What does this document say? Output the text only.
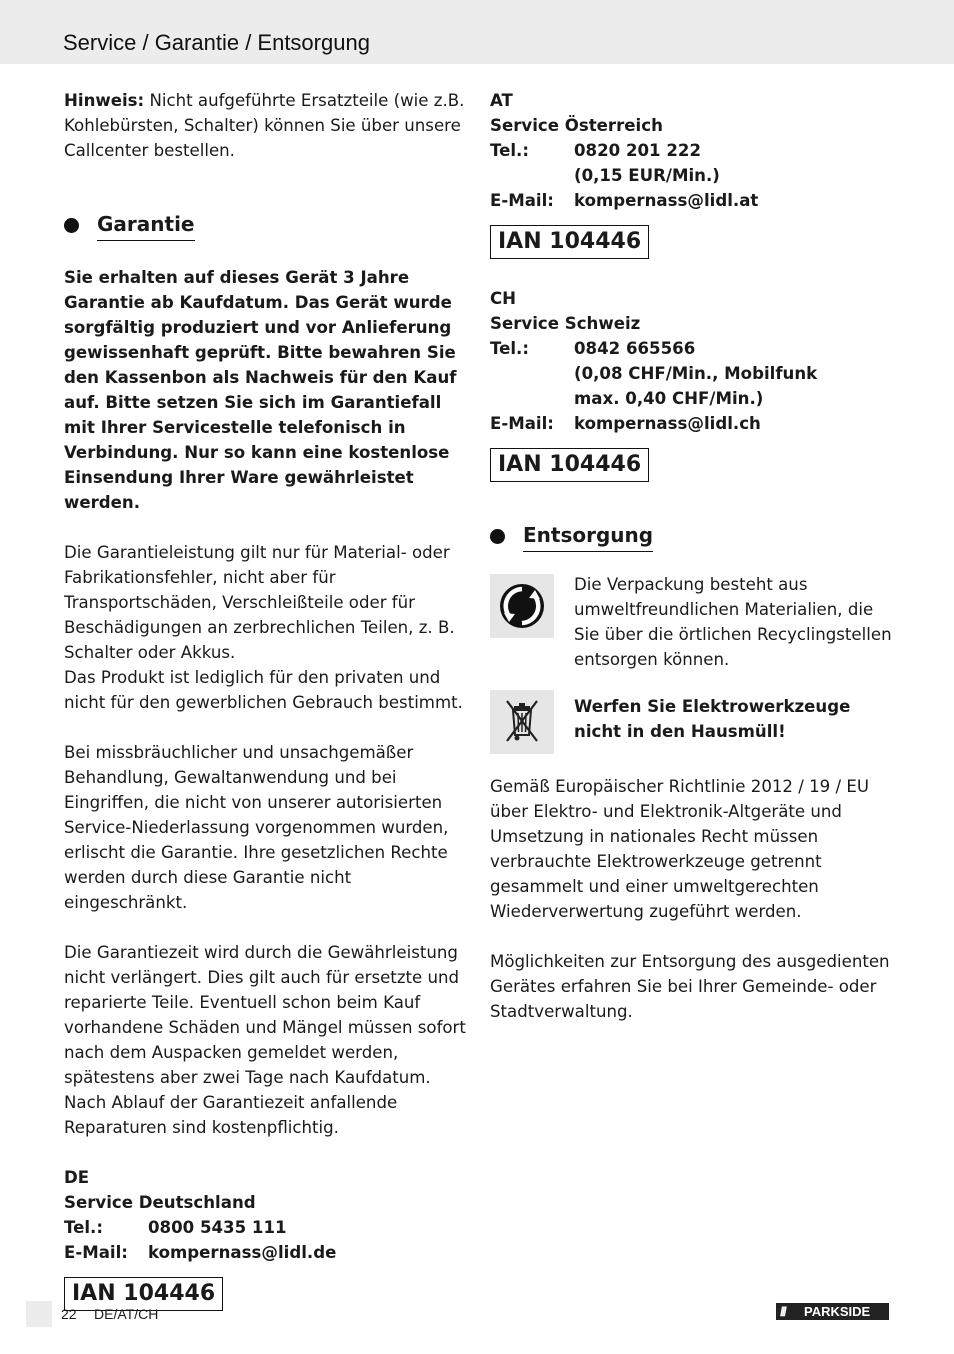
Service / Garantie / Entsorgung

Hinweis: Nicht aufgeführte Ersatzteile (wie z.B. Kohlebürsten, Schalter) können Sie über unsere Callcenter bestellen.

Garantie

Sie erhalten auf dieses Gerät 3 Jahre Garantie ab Kaufdatum. Das Gerät wurde sorgfältig produziert und vor Anlieferung gewissenhaft geprüft. Bitte bewahren Sie den Kassenbon als Nachweis für den Kauf auf. Bitte setzen Sie sich im Garantiefall mit Ihrer Servicestelle telefonisch in Verbindung. Nur so kann eine kostenlose Einsendung Ihrer Ware gewährleistet werden.

Die Garantieleistung gilt nur für Material- oder Fabrikationsfehler, nicht aber für Transportschäden, Verschleißteile oder für Beschädigungen an zerbrechlichen Teilen, z. B. Schalter oder Akkus.

Das Produkt ist lediglich für den privaten und nicht für den gewerblichen Gebrauch bestimmt.

Bei missbräuchlicher und unsachgemäßer Behandlung, Gewaltanwendung und bei Eingriffen, die nicht von unserer autorisierten Service-Niederlassung vorgenommen wurden, erlischt die Garantie. Ihre gesetzlichen Rechte werden durch diese Garantie nicht eingeschränkt.

Die Garantiezeit wird durch die Gewährleistung nicht verlängert. Dies gilt auch für ersetzte und reparierte Teile. Eventuell schon beim Kauf vorhandene Schäden und Mängel müssen sofort nach dem Auspacken gemeldet werden, spätestens aber zwei Tage nach Kaufdatum. Nach Ablauf der Garantiezeit anfallende Reparaturen sind kostenpflichtig.

DE
Service Deutschland
Tel.:	0800 5435 111
E-Mail:	kompernass@lidl.de
IAN 104446
AT
Service Österreich
Tel.:	0820 201 222
(0,15 EUR/Min.)
E-Mail:	kompernass@lidl.at
IAN 104446
CH
Service Schweiz
Tel.:	0842 665566
(0,08 CHF/Min., Mobilfunk
max. 0,40 CHF/Min.)
E-Mail:	kompernass@lidl.ch
IAN 104446
Entsorgung

Die Verpackung besteht aus umweltfreundlichen Materialien, die Sie über die örtlichen Recyclingstellen entsorgen können.

Werfen Sie Elektrowerkzeuge nicht in den Hausmüll!

Gemäß Europäischer Richtlinie 2012 / 19 / EU über Elektro- und Elektronik-Altgeräte und Umsetzung in nationales Recht müssen verbrauchte Elektrowerkzeuge getrennt gesammelt und einer umweltgerechten Wiederverwertung zugeführt werden.

Möglichkeiten zur Entsorgung des ausgedienten Gerätes erfahren Sie bei Ihrer Gemeinde- oder Stadtverwaltung.

22 DE/AT/CH	///	PARKSIDE
